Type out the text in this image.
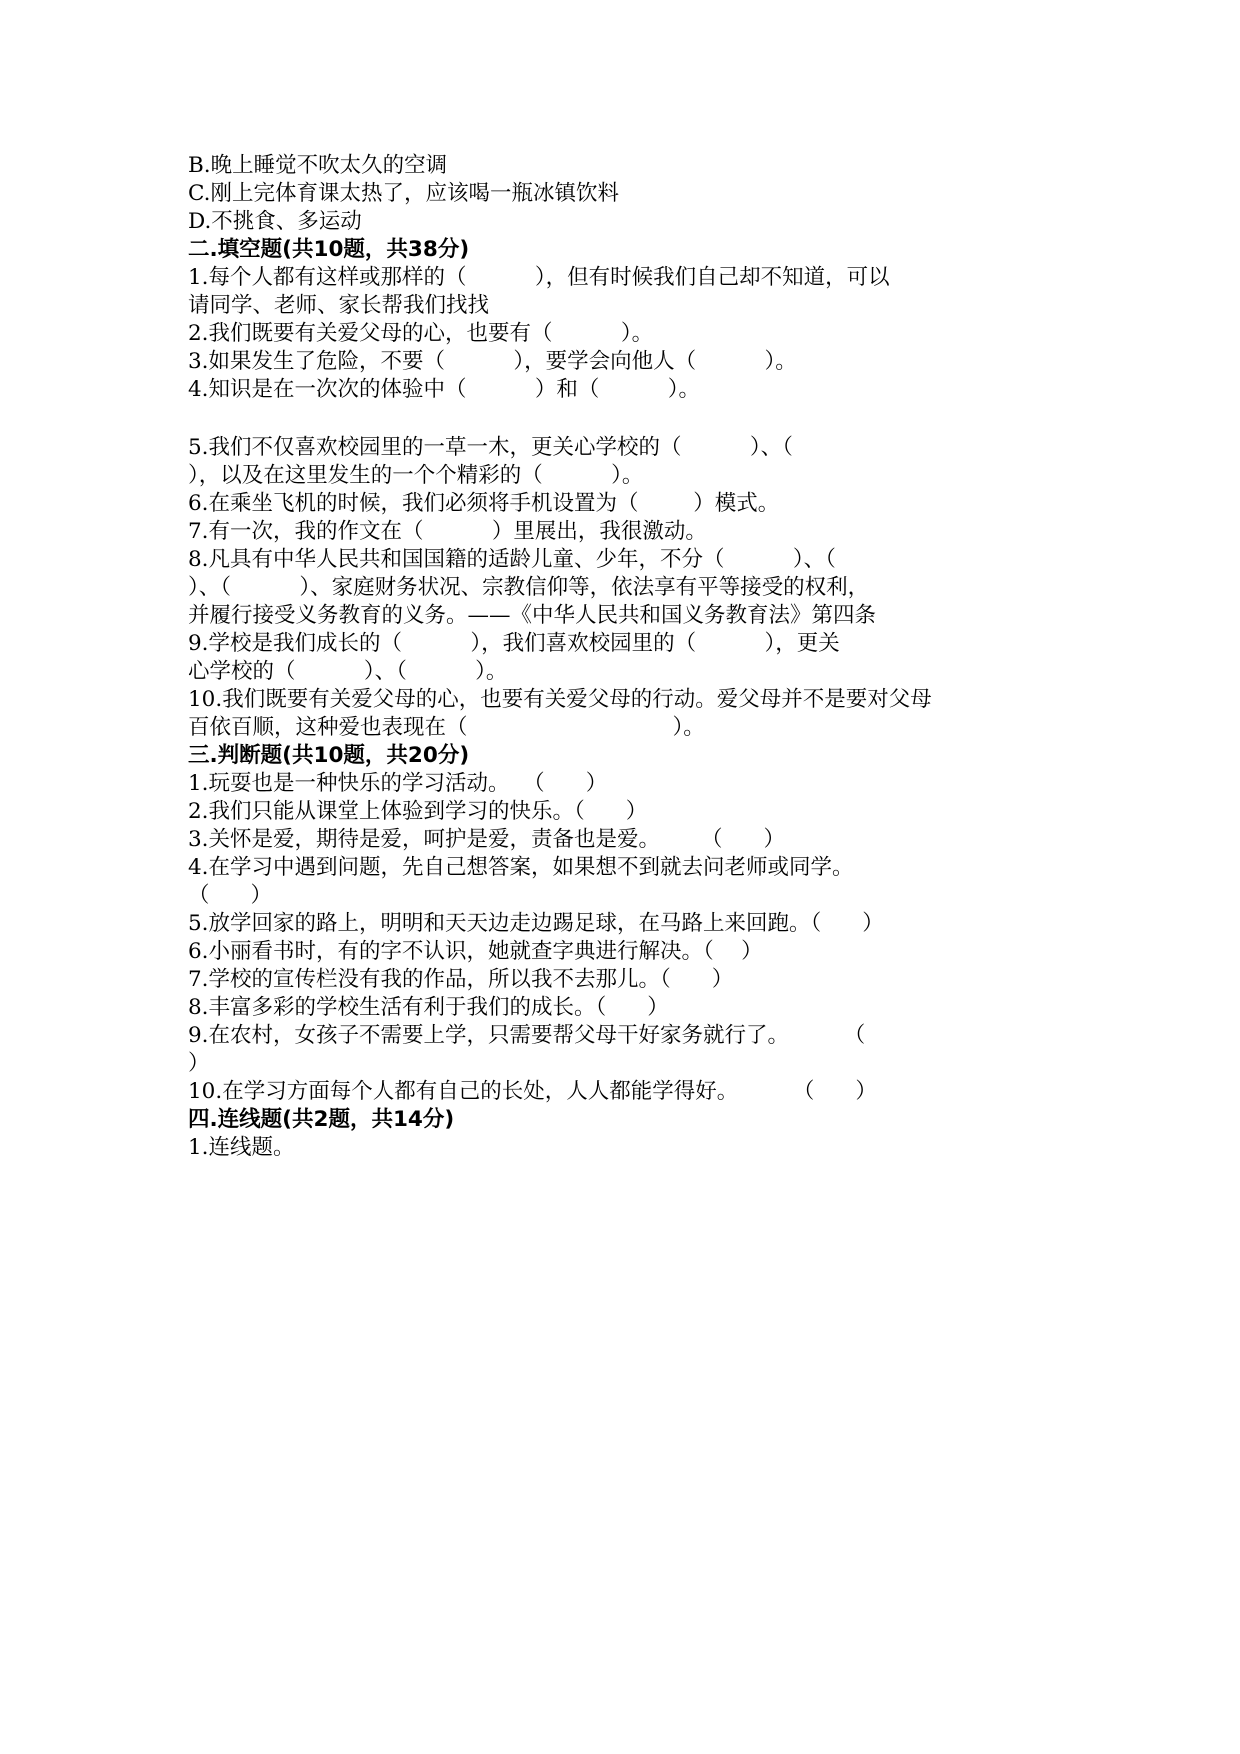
B.晚上睡觉不吹太久的空调
C.刚上完体育课太热了，应该喝一瓶冰镇饮料
D.不挑食、多运动
二.填空题(共10题，共38分)
1.每个人都有这样或那样的（          ），但有时候我们自己却不知道，可以
请同学、老师、家长帮我们找找
2.我们既要有关爱父母的心，也要有（          ）。
3.如果发生了危险，不要（          ），要学会向他人（          ）。
4.知识是在一次次的体验中（          ）和（          ）。
5.我们不仅喜欢校园里的一草一木，更关心学校的（          ）、（
），以及在这里发生的一个个精彩的（          ）。
6.在乘坐飞机的时候，我们必须将手机设置为（        ）模式。
7.有一次，我的作文在（          ）里展出，我很激动。
8.凡具有中华人民共和国国籍的适龄儿童、少年，不分（          ）、（
）、（          ）、家庭财务状况、宗教信仰等，依法享有平等接受的权利，
并履行接受义务教育的义务。——《中华人民共和国义务教育法》第四条
9.学校是我们成长的（          ），我们喜欢校园里的（          ），更关
心学校的（          ）、（          ）。
10.我们既要有关爱父母的心，也要有关爱父母的行动。爱父母并不是要对父母
百依百顺，这种爱也表现在（                              ）。
三.判断题(共10题，共20分)
1.玩耍也是一种快乐的学习活动。  （      ）
2.我们只能从课堂上体验到学习的快乐。（      ）
3.关怀是爱，期待是爱，呵护是爱，责备也是爱。      （      ）
4.在学习中遇到问题，先自己想答案，如果想不到就去问老师或同学。
（      ）
5.放学回家的路上，明明和天天边走边踢足球，在马路上来回跑。（      ）
6.小丽看书时，有的字不认识，她就查字典进行解决。（    ）
7.学校的宣传栏没有我的作品，所以我不去那儿。（      ）
8.丰富多彩的学校生活有利于我们的成长。（      ）
9.在农村，女孩子不需要上学，只需要帮父母干好家务就行了。        （
）
10.在学习方面每个人都有自己的长处，人人都能学得好。        （      ）
四.连线题(共2题，共14分)
1.连线题。
